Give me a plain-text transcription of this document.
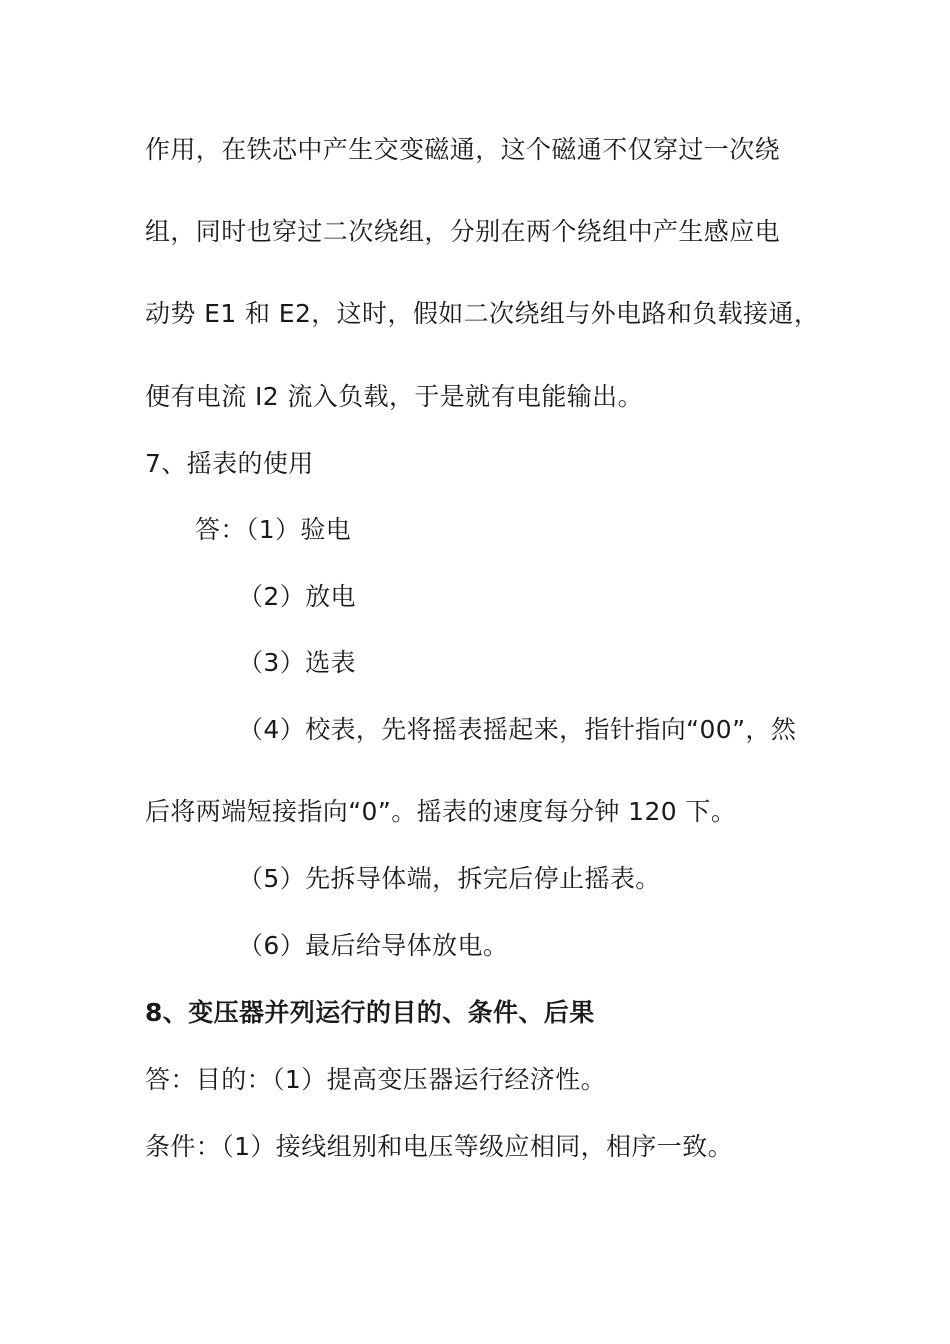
作用，在铁芯中产生交变磁通，这个磁通不仅穿过一次绕
组，同时也穿过二次绕组，分别在两个绕组中产生感应电
动势 E1 和 E2，这时，假如二次绕组与外电路和负载接通，
便有电流 I2 流入负载，于是就有电能输出。
7、摇表的使用
答：（1）验电
（2）放电
（3）选表
（4）校表，先将摇表摇起来，指针指向“00”，然
后将两端短接指向“0”。摇表的速度每分钟 120 下。
（5）先拆导体端，拆完后停止摇表。
（6）最后给导体放电。
8、变压器并列运行的目的、条件、后果
答：目的：（1）提高变压器运行经济性。
条件：（1）接线组别和电压等级应相同，相序一致。
